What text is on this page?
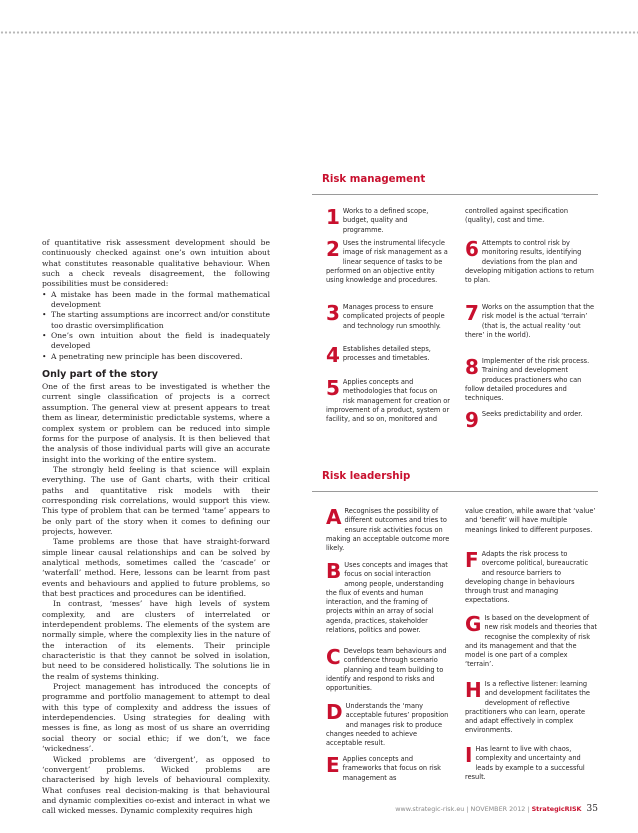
of quantitative risk assessment development should be continuously checked against one’s own intuition about what constitutes reasonable qualitative behaviour. When such a check reveals disagreement, the following possibilities must be considered:

• A mistake has been made in the formal mathematical development
• The starting assumptions are incorrect and/or constitute too drastic oversimplification
• One’s own intuition about the field is inadequately developed
• A penetrating new principle has been discovered.
Only part of the story

One of the first areas to be investigated is whether the current single classification of projects is a correct assumption. The general view at present appears to treat them as linear, deterministic predictable systems, where a complex system or problem can be reduced into simple forms for the purpose of analysis. It is then believed that the analysis of those individual parts will give an accurate insight into the working of the entire system.

The strongly held feeling is that science will explain everything. The use of Gant charts, with their critical paths and quantitative risk models with their corresponding risk correlations, would support this view. This type of problem that can be termed ‘tame’ appears to be only part of the story when it comes to defining our projects, however.

Tame problems are those that have straight-forward simple linear causal relationships and can be solved by analytical methods, sometimes called the ‘cascade’ or ‘waterfall’ method. Here, lessons can be learnt from past events and behaviours and applied to future problems, so that best practices and procedures can be identified.

In contrast, ‘messes’ have high levels of system complexity, and are clusters of interrelated or interdependent problems. The elements of the system are normally simple, where the complexity lies in the nature of the interaction of its elements. Their principle characteristic is that they cannot be solved in isolation, but need to be considered holistically. The solutions lie in the realm of systems thinking.

Project management has introduced the concepts of programme and portfolio management to attempt to deal with this type of complexity and address the issues of interdependencies. Using strategies for dealing with messes is fine, as long as most of us share an overriding social theory or social ethic; if we don’t, we face ‘wickedness’.

Wicked problems are ‘divergent’, as opposed to ‘convergent’ problems. Wicked problems are characterised by high levels of behavioural complexity. What confuses real decision-making is that behavioural and dynamic complexities co-exist and interact in what we call wicked messes. Dynamic complexity requires high

Risk management
1 Works to a defined scope, budget, quality and programme.
2 Uses the instrumental lifecycle image of risk management as a linear sequence of tasks to be performed on an objective entity using knowledge and procedures.
3 Manages process to ensure complicated projects of people and technology run smoothly.
4 Establishes detailed steps, processes and timetables.
5 Applies concepts and methodologies that focus on risk management for creation or improvement of a product, system or facility, and so on, monitored and
controlled against specification (quality), cost and time.
6 Attempts to control risk by monitoring results, identifying deviations from the plan and developing mitigation actions to return to plan.
7 Works on the assumption that the risk model is the actual ‘terrain’ (that is, the actual reality ‘out there’ in the world).
8 Implementer of the risk process. Training and development produces practioners who can follow detailed procedures and techniques.
9 Seeks predictability and order.
Risk leadership
A Recognises the possibility of different outcomes and tries to ensure risk activities focus on making an acceptable outcome more likely.
B Uses concepts and images that focus on social interaction among people, understanding the flux of events and human interaction, and the framing of projects within an array of social agenda, practices, stakeholder relations, politics and power.
C Develops team behaviours and confidence through scenario planning and team building to identify and respond to risks and opportunities.
D Understands the ‘many acceptable futures’ proposition and manages risk to produce changes needed to achieve acceptable result.
E Applies concepts and frameworks that focus on risk management as
value creation, while aware that ‘value’ and ‘benefit’ will have multiple meanings linked to different purposes.
F Adapts the risk process to overcome political, bureaucratic and resource barriers to developing change in behaviours through trust and managing expectations.
G Is based on the development of new risk models and theories that recognise the complexity of risk and its management and that the model is one part of a complex ‘terrain’.
H Is a reflective listener: learning and development facilitates the development of reflective practitioners who can learn, operate and adapt effectively in complex environments.
I Has learnt to live with chaos, complexity and uncertainty and leads by example to a successful result.
www.strategic-risk.eu | NOVEMBER 2012 | StrategicRISK 35
